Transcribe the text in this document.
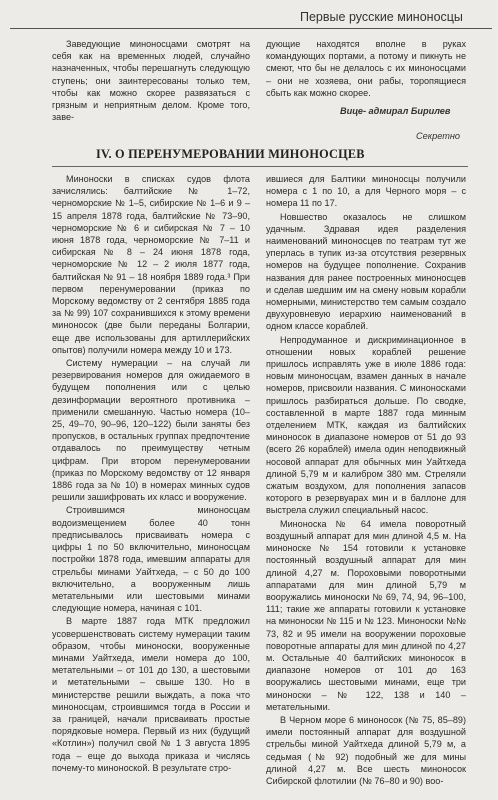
Первые русские миноносцы

Заведующие миноносцами смотрят на себя как на временных людей, случайно назначенных, чтобы перешагнуть следующую ступень; они заинтересованы только тем, чтобы как можно скорее развязаться с грязным и неприятным делом. Кроме того, заве-

дующие находятся вполне в руках командующих портами, а потому и пикнуть не смеют, что бы не делалось с их миноносцами – они не хозяева, они рабы, торопящиеся сбыть как можно скорее.

Вице- адмирал Бирилев
Секретно
IV. О ПЕРЕНУМЕРОВАНИИ МИНОНОСЦЕВ

Миноноски в списках судов флота зачислялись: балтийские № 1–72, черноморские № 1–5, сибирские № 1–6 и 9 – 15 апреля 1878 года, балтийские № 73–90, черноморские № 6 и сибирская № 7 – 10 июня 1878 года, черноморские № 7–11 и сибирская № 8 – 24 июня 1878 года, черноморские № 12 – 2 июля 1877 года, балтийская № 91 – 18 ноября 1889 года.³ При первом перенумеровании (приказ по Морскому ведомству от 2 сентября 1885 года за № 99) 107 сохранившихся к этому времени миноносок (две были переданы Болгарии, еще две использованы для артиллерийских опытов) получили номера между 10 и 173.

Систему нумерации – на случай ли резервирования номеров для ожидаемого в будущем пополнения или с целью дезинформации вероятного противника – применили смешанную. Частью номера (10–25, 49–70, 90–96, 120–122) были заняты без пропусков, в остальных группах предпочтение отдавалось по преимуществу четным цифрам. При втором перенумеровании (приказ по Морскому ведомству от 12 января 1886 года за № 10) в номерах минных судов решили зашифровать их класс и вооружение.

Строившимся миноносцам водоизмещением более 40 тонн предписывалось присваивать номера с цифры 1 по 50 включительно, миноносцам постройки 1878 года, имевшим аппараты для стрельбы минами Уайтхеда, – с 50 до 100 включительно, а вооруженным лишь метательными или шестовыми минами следующие номера, начиная с 101.

В марте 1887 года МТК предложил усовершенствовать систему нумерации таким образом, чтобы миноноски, вооруженные минами Уайтхеда, имели номера до 100, метательными – от 101 до 130, а шестовыми и метательными – свыше 130. Но в министерстве решили выждать, а пока что миноносцам, строившимся тогда в России и за границей, начали присваивать простые порядковые номера. Первый из них (будущий «Котлин») получил свой № 1 З августа 1895 года – еще до выхода приказа и числясь почему-то миноноской. В результате стро-

ившиеся для Балтики миноносцы получили номера с 1 по 10, а для Черного моря – с номера 11 по 17.

Новшество оказалось не слишком удачным. Здравая идея разделения наименований миноносцев по театрам тут же уперлась в тупик из-за отсутствия резервных номеров на будущее пополнение. Сохранив названия для ранее построенных миноносцев и сделав шедшим им на смену новым корабли номерными, министерство тем самым создало двухуровневую иерархию наименований в одном классе кораблей.

Непродуманное и дискриминационное в отношении новых кораблей решение пришлось исправлять уже в июле 1886 года: новым миноносцам, взамен данных в начале номеров, присвоили названия. С миноносками пришлось разбираться дольше. По сводке, составленной в марте 1887 года минным отделением МТК, каждая из балтийских миноносок в диапазоне номеров от 51 до 93 (всего 26 кораблей) имела один неподвижный носовой аппарат для обычных мин Уайтхеда длиной 5,79 м и калибром 380 мм. Стреляли сжатым воздухом, для пополнения запасов которого в резервуарах мин и в баллоне для выстрела служил специальный насос.

Миноноска № 64 имела поворотный воздушный аппарат для мин длиной 4,5 м. На миноноске № 154 готовили к установке постоянный воздушный аппарат для мин длиной 4,27 м. Пороховыми поворотными аппаратами для мин длиной 5,79 м вооружались миноноски № 69, 74, 94, 96–100, 111; такие же аппараты готовили к установке на миноноски № 115 и № 123. Миноноски №№ 73, 82 и 95 имели на вооружении пороховые поворотные аппараты для мин длиной по 4,27 м. Остальные 40 балтийских миноносок в диапазоне номеров от 101 до 163 вооружались шестовыми минами, еще три миноноски – № 122, 138 и 140 – метательными.

В Черном море 6 миноносок (№ 75, 85–89) имели постоянный аппарат для воздушной стрельбы миной Уайтхеда длиной 5,79 м, а седьмая (№ 92) подобный же для мины длиной 4,27 м. Все шесть миноносок Сибирской флотилии (№ 76–80 и 90) воо-
